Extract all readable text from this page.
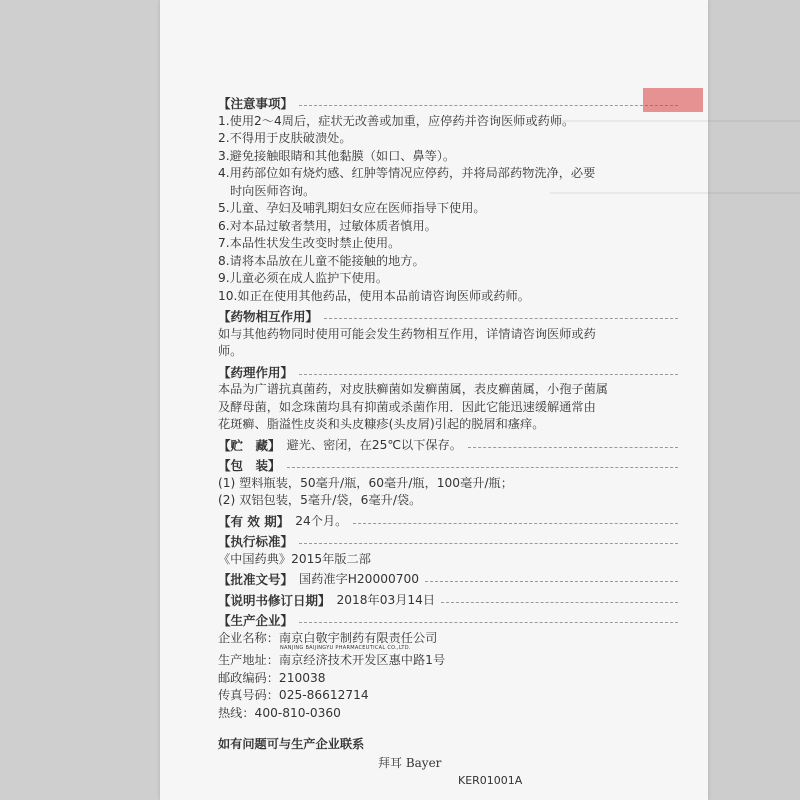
【注意事项】
1.使用2～4周后，症状无改善或加重，应停药并咨询医师或药师。
2.不得用于皮肤破溃处。
3.避免接触眼睛和其他黏膜（如口、鼻等）。
4.用药部位如有烧灼感、红肿等情况应停药，并将局部药物洗净，必要
时向医师咨询。
5.儿童、孕妇及哺乳期妇女应在医师指导下使用。
6.对本品过敏者禁用，过敏体质者慎用。
7.本品性状发生改变时禁止使用。
8.请将本品放在儿童不能接触的地方。
9.儿童必须在成人监护下使用。
10.如正在使用其他药品，使用本品前请咨询医师或药师。
【药物相互作用】
如与其他药物同时使用可能会发生药物相互作用，详情请咨询医师或药
师。
【药理作用】
本品为广谱抗真菌药，对皮肤癣菌如发癣菌属，表皮癣菌属，小孢子菌属
及酵母菌，如念珠菌均具有抑菌或杀菌作用．因此它能迅速缓解通常由
花斑癣、脂溢性皮炎和头皮糠疹(头皮屑)引起的脱屑和瘙痒。
【贮　藏】 避光、密闭，在25℃以下保存。
【包　装】
(1) 塑料瓶装，50毫升/瓶，60毫升/瓶，100毫升/瓶；
(2) 双铝包装，5毫升/袋，6毫升/袋。
【有 效 期】 24个月。
【执行标准】
《中国药典》2015年版二部
【批准文号】 国药准字H20000700
【说明书修订日期】 2018年03月14日
【生产企业】
企业名称：南京白敬宇制药有限责任公司
NANJING BAIJINGYU PHARMACEUTICAL CO.,LTD.
生产地址：南京经济技术开发区惠中路1号
邮政编码：210038
传真号码：025-86612714
热线：400-810-0360
如有问题可与生产企业联系
拜耳 Bayer
KER01001A
